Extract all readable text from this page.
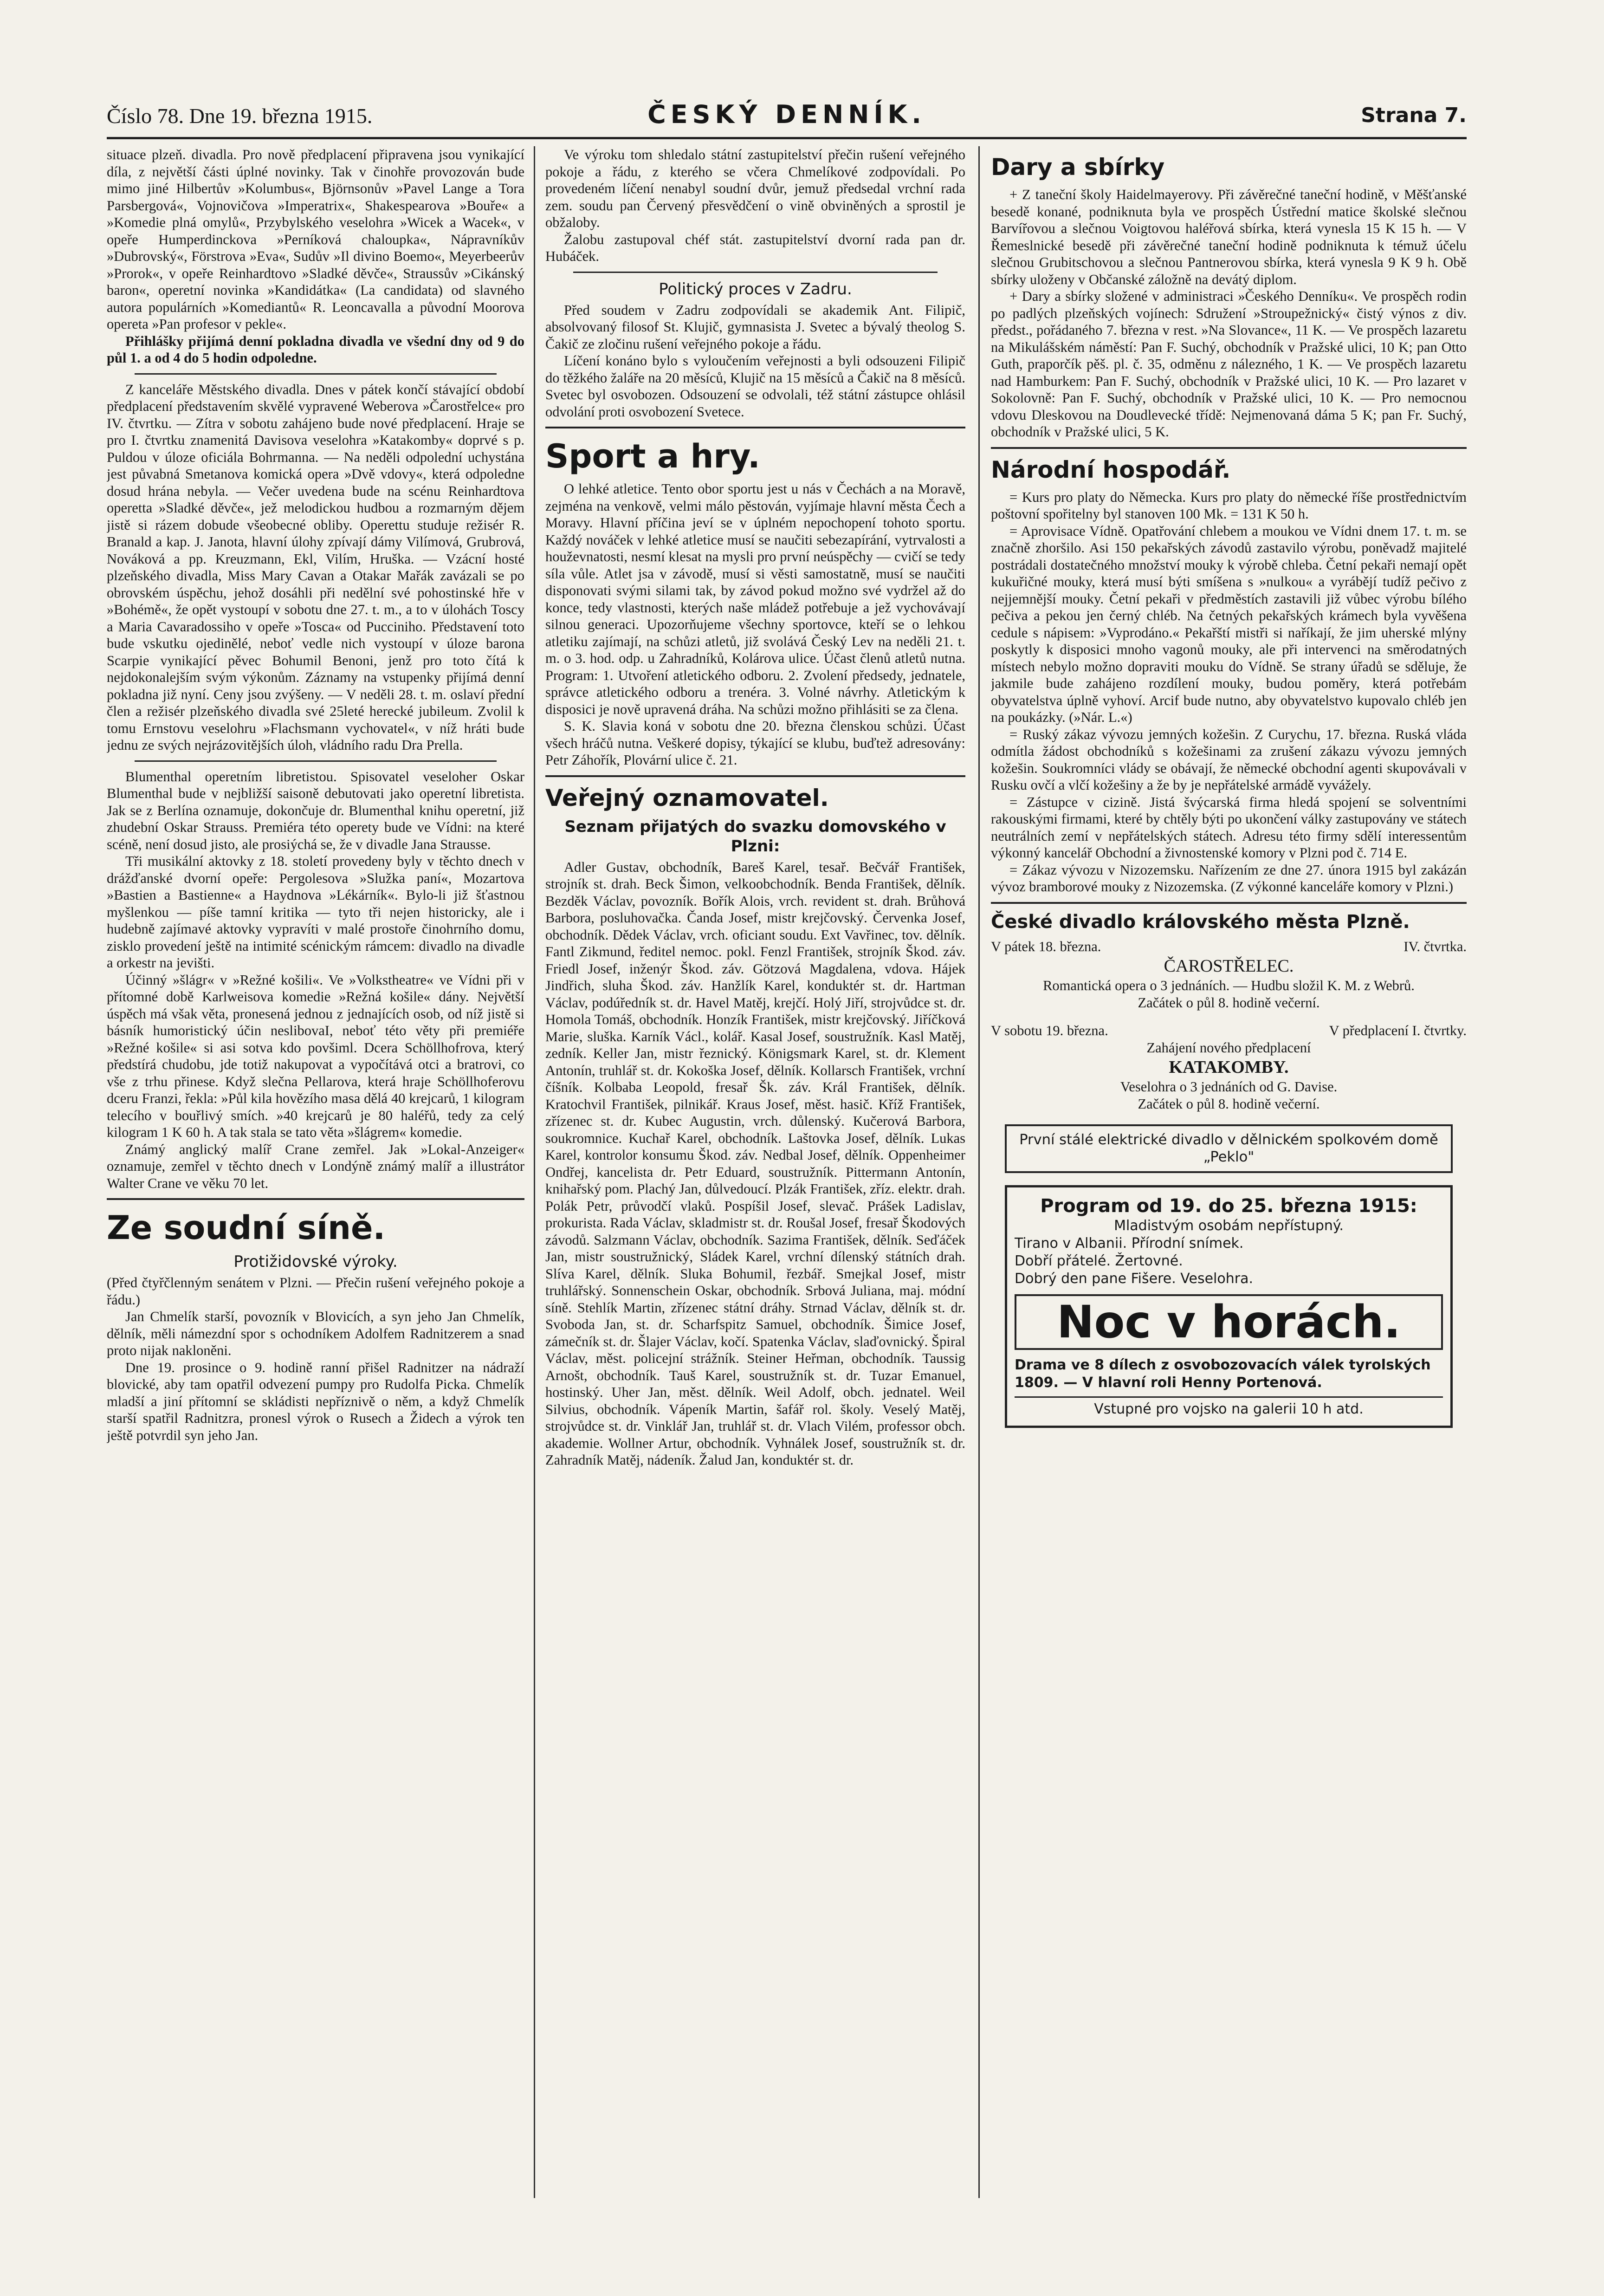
Číslo 78. Dne 19. března 1915.	ČESKÝ DENNÍK.	Strana 7.

situace plzeň. divadla. Pro nově předplacení připravena jsou vynikající díla, z největší části úplné novinky. Tak v činohře provozován bude mimo jiné Hilbertův »Kolumbus«, Björnsonův »Pavel Lange a Tora Parsbergová«, Vojnovičova »Imperatrix«, Shakespearova »Bouře« a »Komedie plná omylů«, Przybylského veselohra »Wicek a Wacek«, v opeře Humperdinckova »Perníková chaloupka«, Nápravníkův »Dubrovský«, Förstrova »Eva«, Sudův »Il divino Boemo«, Meyerbeerův »Prorok«, v opeře Reinhardtovo »Sladké děvče«, Straussův »Cikánský baron«, operetní novinka »Kandidátka« (La candidata) od slavného autora populárních »Komediantů« R. Leoncavalla a původní Moorova opereta »Pan profesor v pekle«.

Přihlášky přijímá denní pokladna divadla ve všední dny od 9 do půl 1. a od 4 do 5 hodin odpoledne.

Z kanceláře Městského divadla. Dnes v pátek končí stávající období předplacení představením skvělé vypravené Weberova »Čarostřelce« pro IV. čtvrtku. — Zítra v sobotu zahájeno bude nové předplacení. Hraje se pro I. čtvrtku znamenitá Davisova veselohra »Katakomby« doprvé s p. Puldou v úloze oficiála Bohrmanna. — Na neděli odpolední uchystána jest půvabná Smetanova komická opera »Dvě vdovy«, která odpoledne dosud hrána nebyla. — Večer uvedena bude na scénu Reinhardtova operetta »Sladké děvče«, jež melodickou hudbou a rozmarným dějem jistě si rázem dobude všeobecné obliby. Operettu studuje režisér R. Branald a kap. J. Janota, hlavní úlohy zpívají dámy Vilímová, Grubrová, Nováková a pp. Kreuzmann, Ekl, Vilím, Hruška. — Vzácní hosté plzeňského divadla, Miss Mary Cavan a Otakar Mařák zavázali se po obrovském úspěchu, jehož dosáhli při nedělní své pohostinské hře v »Bohémě«, že opět vystoupí v sobotu dne 27. t. m., a to v úlohách Toscy a Maria Cavaradossiho v opeře »Tosca« od Pucciniho. Představení toto bude vskutku ojedinělé, neboť vedle nich vystoupí v úloze barona Scarpie vynikající pěvec Bohumil Benoni, jenž pro toto čítá k nejdokonalejším svým výkonům. Záznamy na vstupenky přijímá denní pokladna již nyní. Ceny jsou zvýšeny. — V neděli 28. t. m. oslaví přední člen a režisér plzeňského divadla své 25leté herecké jubileum. Zvolil k tomu Ernstovu veselohru »Flachsmann vychovatel«, v níž hráti bude jednu ze svých nejrázovitějších úloh, vládního radu Dra Prella.

Blumenthal operetním libretistou. Spisovatel veseloher Oskar Blumenthal bude v nejbližší saisoně debutovati jako operetní libretista. Jak se z Berlína oznamuje, dokončuje dr. Blumenthal knihu operetní, již zhudební Oskar Strauss. Premiéra této operety bude ve Vídni: na které scéně, není dosud jisto, ale prosiýchá se, že v divadle Jana Strausse.

Tři musikální aktovky z 18. století provedeny byly v těchto dnech v drážďanské dvorní opeře: Pergolesova »Služka paní«, Mozartova »Bastien a Bastienne« a Haydnova »Lékárník«. Bylo-li již šťastnou myšlenkou — píše tamní kritika — tyto tři nejen historicky, ale i hudebně zajímavé aktovky vypravíti v malé prostoře činohrního domu, zisklo provedení ještě na intimité scénickým rámcem: divadlo na divadle a orkestr na jevišti.

Účinný »šlágr« v »Režné košili«. Ve »Volkstheatre« ve Vídni při v přítomné době Karlweisova komedie »Režná košile« dány. Největší úspěch má však věta, pronesená jednou z jednajících osob, od níž jistě si básník humoristický účin neslibovaI, neboť této věty při premiéře »Režné košile« si asi sotva kdo povšiml. Dcera Schöllhofrova, který předstírá chudobu, jde totiž nakupovat a vypočítává otci a bratrovi, co vše z trhu přinese. Když slečna Pellarova, která hraje Schöllhoferovu dceru Franzi, řekla: »Půl kila hovězího masa dělá 40 krejcarů, 1 kilogram telecího v bouřlivý smích. »40 krejcarů je 80 haléřů, tedy za celý kilogram 1 K 60 h. A tak stala se tato věta »šlágrem« komedie.

Známý anglický malíř Crane zemřel. Jak »Lokal-Anzeiger« oznamuje, zemřel v těchto dnech v Londýně známý malíř a illustrátor Walter Crane ve věku 70 let.

Ze soudní síně.
Protižidovské výroky.

(Před čtyřčlenným senátem v Plzni. — Přečin rušení veřejného pokoje a řádu.)

Jan Chmelík starší, povozník v Blovicích, a syn jeho Jan Chmelík, dělník, měli námezdní spor s ochodníkem Adolfem Radnitzerem a snad proto nijak nakloněni.

Dne 19. prosince o 9. hodině ranní přišel Radnitzer na nádraží blovické, aby tam opatřil odvezení pumpy pro Rudolfa Picka. Chmelík mladší a jiní přítomní se skládisti nepříznivě o něm, a když Chmelík starší spatřil Radnitzra, pronesl výrok o Rusech a Židech a výrok ten ještě potvrdil syn jeho Jan.

Ve výroku tom shledalo státní zastupitelství přečin rušení veřejného pokoje a řádu, z kterého se včera Chmelíkové zodpovídali. Po provedeném líčení nenabyl soudní dvůr, jemuž předsedal vrchní rada zem. soudu pan Červený přesvědčení o vině obviněných a sprostil je obžaloby.

Žalobu zastupoval chéf stát. zastupitelství dvorní rada pan dr. Hubáček.

Politický proces v Zadru.

Před soudem v Zadru zodpovídali se akademik Ant. Filipič, absolvovaný filosof St. Klujič, gymnasista J. Svetec a bývalý theolog S. Čakič ze zločinu rušení veřejného pokoje a řádu.

Líčení konáno bylo s vyloučením veřejnosti a byli odsouzeni Filipič do těžkého žaláře na 20 měsíců, Klujič na 15 měsíců a Čakič na 8 měsíců. Svetec byl osvobozen. Odsouzení se odvolali, též státní zástupce ohlásil odvolání proti osvobození Svetece.

Sport a hry.

O lehké atletice. Tento obor sportu jest u nás v Čechách a na Moravě, zejména na venkově, velmi málo pěstován, vyjímaje hlavní města Čech a Moravy. Hlavní příčina jeví se v úplném nepochopení tohoto sportu. Každý nováček v lehké atletice musí se naučiti sebezapírání, vytrvalosti a houževnatosti, nesmí klesat na mysli pro první neúspěchy — cvičí se tedy síla vůle. Atlet jsa v závodě, musí si věsti samostatně, musí se naučiti disponovati svými silami tak, by závod pokud možno své vydržel až do konce, tedy vlastnosti, kterých naše mládež potřebuje a jež vychovávají silnou generaci. Upozorňujeme všechny sportovce, kteří se o lehkou atletiku zajímají, na schůzi atletů, již svolává Český Lev na neděli 21. t. m. o 3. hod. odp. u Zahradníků, Kolárova ulice. Účast členů atletů nutna. Program: 1. Utvoření atletického odboru. 2. Zvolení předsedy, jednatele, správce atletického odboru a trenéra. 3. Volné návrhy. Atletickým k disposici je nově upravená dráha. Na schůzi možno přihlásiti se za člena.

S. K. Slavia koná v sobotu dne 20. března členskou schůzi. Účast všech hráčů nutna. Veškeré dopisy, týkající se klubu, buďtež adresovány: Petr Záhořík, Plovární ulice č. 21.

Veřejný oznamovatel.
Seznam přijatých do svazku domovského v Plzni:

Adler Gustav, obchodník, Bareš Karel, tesař. Bečvář František, strojník st. drah. Beck Šimon, velkoobchodník. Benda František, dělník. Bezděk Václav, povozník. Bořík Alois, vrch. revident st. drah. Brůhová Barbora, posluhovačka. Čanda Josef, mistr krejčovský. Červenka Josef, obchodník. Dědek Václav, vrch. oficiant soudu. Ext Vavřinec, tov. dělník. Fantl Zikmund, ředitel nemoc. pokl. Fenzl František, strojník Škod. záv. Friedl Josef, inženýr Škod. záv. Götzová Magdalena, vdova. Hájek Jindřich, sluha Škod. záv. Hanžlík Karel, konduktér st. dr. Hartman Václav, podúředník st. dr. Havel Matěj, krejčí. Holý Jiří, strojvůdce st. dr. Homola Tomáš, obchodník. Honzík František, mistr krejčovský. Jiříčková Marie, sluška. Karník Václ., kolář. Kasal Josef, soustružník. Kasl Matěj, zedník. Keller Jan, mistr řeznický. Königsmark Karel, st. dr. Klement Antonín, truhlář st. dr. Kokoška Josef, dělník. Kollarsch František, vrchní číšník. Kolbaba Leopold, fresař Šk. záv. Král František, dělník. Kratochvil František, pilnikář. Kraus Josef, měst. hasič. Kříž František, zřízenec st. dr. Kubec Augustin, vrch. důlenský. Kučerová Barbora, soukromnice. Kuchař Karel, obchodník. Laštovka Josef, dělník. Lukas Karel, kontrolor konsumu Škod. záv. Nedbal Josef, dělník. Oppenheimer Ondřej, kancelista dr. Petr Eduard, soustružník. Pittermann Antonín, knihařský pom. Plachý Jan, důlvedoucí. Plzák František, zříz. elektr. drah. Polák Petr, průvodčí vlaků. Pospíšil Josef, slevač. Prášek Ladislav, prokurista. Rada Václav, skladmistr st. dr. Roušal Josef, fresař Škodových závodů. Salzmann Václav, obchodník. Sazima František, dělník. Seďáček Jan, mistr soustružnický, Sládek Karel, vrchní dílenský státních drah. Slíva Karel, dělník. Sluka Bohumil, řezbář. Smejkal Josef, mistr truhlářský. Sonnenschein Oskar, obchodník. Srbová Juliana, maj. módní síně. Stehlík Martin, zřízenec státní dráhy. Strnad Václav, dělník st. dr. Svoboda Jan, st. dr. Scharfspitz Samuel, obchodník. Šimice Josef, zámečník st. dr. Šlajer Václav, kočí. Spatenka Václav, slaďovnický. Špiral Václav, měst. policejní strážník. Steiner Heřman, obchodník. Taussig Arnošt, obchodník. Tauš Karel, soustružník st. dr. Tuzar Emanuel, hostinský. Uher Jan, měst. dělník. Weil Adolf, obch. jednatel. Weil Silvius, obchodník. Vápeník Martin, šafář rol. školy. Veselý Matěj, strojvůdce st. dr. Vinklář Jan, truhlář st. dr. Vlach Vilém, professor obch. akademie. Wollner Artur, obchodník. Vyhnálek Josef, soustružník st. dr. Zahradník Matěj, nádeník. Žalud Jan, konduktér st. dr.

Dary a sbírky

+ Z taneční školy Haidelmayerovy. Při závěrečné taneční hodině, v Měšťanské besedě konané, podniknuta byla ve prospěch Ústřední matice školské slečnou Barvířovou a slečnou Voigtovou haléřová sbírka, která vynesla 15 K 15 h. — V Řemeslnické besedě při závěrečné taneční hodině podniknuta k témuž účelu slečnou Grubitschovou a slečnou Pantnerovou sbírka, která vynesla 9 K 9 h. Obě sbírky uloženy v Občanské záložně na devátý diplom.

+ Dary a sbírky složené v administraci »Českého Denníku«. Ve prospěch rodin po padlých plzeňských vojínech: Sdružení »Stroupežnický« čistý výnos z div. předst., pořádaného 7. března v rest. »Na Slovance«, 11 K. — Ve prospěch lazaretu na Mikulášském náměstí: Pan F. Suchý, obchodník v Pražské ulici, 10 K; pan Otto Guth, praporčík pěš. pl. č. 35, odměnu z nálezného, 1 K. — Ve prospěch lazaretu nad Hamburkem: Pan F. Suchý, obchodník v Pražské ulici, 10 K. — Pro lazaret v Sokolovně: Pan F. Suchý, obchodník v Pražské ulici, 10 K. — Pro nemocnou vdovu Dleskovou na Doudlevecké třídě: Nejmenovaná dáma 5 K; pan Fr. Suchý, obchodník v Pražské ulici, 5 K.

Národní hospodář.

= Kurs pro platy do Německa. Kurs pro platy do německé říše prostřednictvím poštovní spořitelny byl stanoven 100 Mk. = 131 K 50 h.

= Aprovisace Vídně. Opatřování chlebem a moukou ve Vídni dnem 17. t. m. se značně zhoršilo. Asi 150 pekařských závodů zastavilo výrobu, poněvadž majitelé postrádali dostatečného množství mouky k výrobě chleba. Četní pekaři nemají opět kukuřičné mouky, která musí býti smíšena s »nulkou« a vyrábějí tudíž pečivo z nejjemnější mouky. Četní pekaři v předměstích zastavili již vůbec výrobu bílého pečiva a pekou jen černý chléb. Na četných pekařských krámech byla vyvěšena cedule s nápisem: »Vyprodáno.« Pekařští mistři si naříkají, že jim uherské mlýny poskytly k disposici mnoho vagonů mouky, ale při intervenci na směrodatných místech nebylo možno dopraviti mouku do Vídně. Se strany úřadů se sděluje, že jakmile bude zahájeno rozdílení mouky, budou poměry, která potřebám obyvatelstva úplně vyhoví. Arcif bude nutno, aby obyvatelstvo kupovalo chléb jen na poukázky. (»Nár. L.«)

= Ruský zákaz vývozu jemných kožešin. Z Curychu, 17. března. Ruská vláda odmítla žádost obchodníků s kožešinami za zrušení zákazu vývozu jemných kožešin. Soukromníci vlády se obávají, že německé obchodní agenti skupovávali v Rusku ovčí a vlčí kožešiny a že by je nepřátelské armádě vyvážely.

= Zástupce v cizině. Jistá švýcarská firma hledá spojení se solventními rakouskými firmami, které by chtěly býti po ukončení války zastupovány ve státech neutrálních zemí v nepřátelských státech. Adresu této firmy sdělí interessentům výkonný kancelář Obchodní a živnostenské komory v Plzni pod č. 714 E.

= Zákaz vývozu v Nizozemsku. Nařízením ze dne 27. února 1915 byl zakázán vývoz bramborové mouky z Nizozemska. (Z výkonné kanceláře komory v Plzni.)

České divadlo královského města Plzně.

V pátek 18. března.	IV. čtvrtka.

ČAROSTŘELEC.

Romantická opera o 3 jednáních. — Hudbu složil K. M. z Webrů.

Začátek o půl 8. hodině večerní.

V sobotu 19. března.	V předplacení I. čtvrtky.

Zahájení nového předplacení

KATAKOMBY.

Veselohra o 3 jednáních od G. Davise.

Začátek o půl 8. hodině večerní.

První stálé elektrické divadlo v dělnickém spolkovém domě „Peklo"
Program od 19. do 25. března 1915:
Mladistvým osobám nepřístupný.
Tirano v Albanii. Přírodní snímek.
Dobří přátelé. Žertovné.
Dobrý den pane Fišere. Veselohra.
Noc v horách.
Drama ve 8 dílech z osvobozovacích válek tyrolských 1809. — V hlavní roli Henny Portenová.
Vstupné pro vojsko na galerii 10 h atd.
